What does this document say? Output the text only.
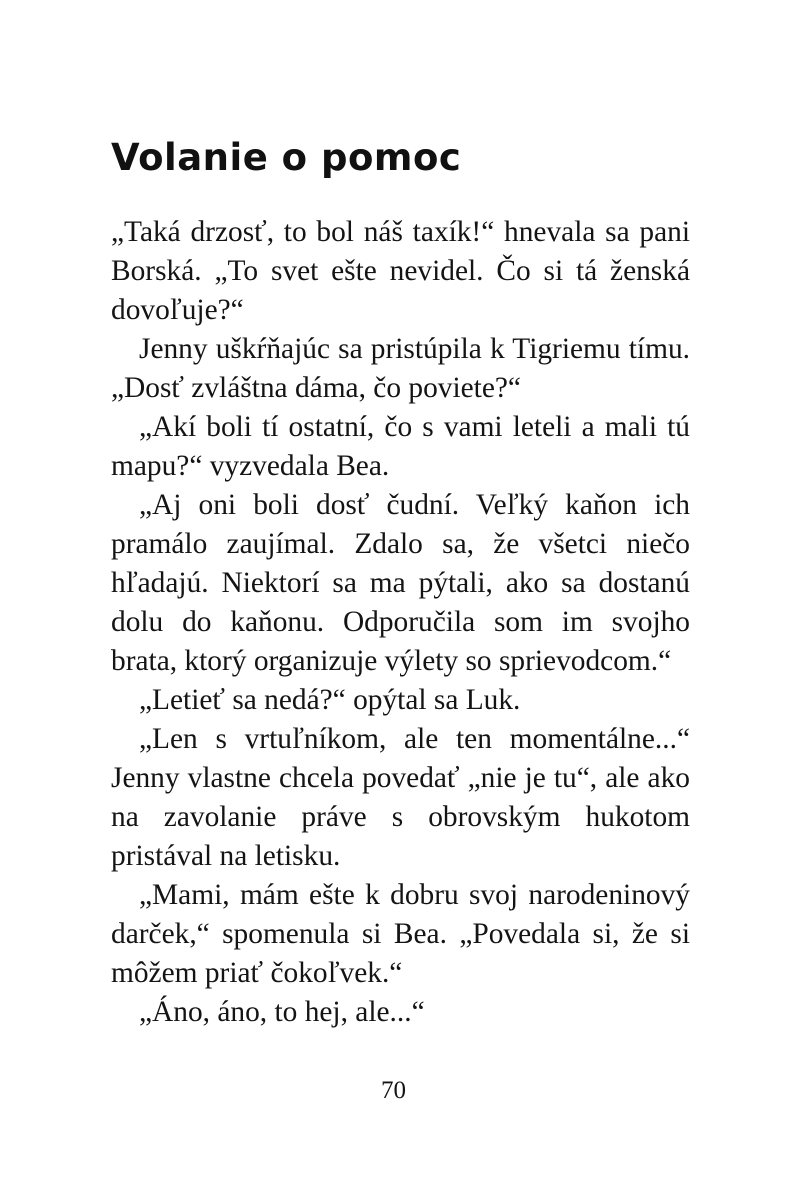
Volanie o pomoc

„Taká drzosť, to bol náš taxík!“ hnevala sa pani Borská. „To svet ešte nevidel. Čo si tá ženská dovoľuje?“

Jenny uškŕňajúc sa pristúpila k Tigriemu tímu. „Dosť zvláštna dáma, čo poviete?“

„Akí boli tí ostatní, čo s vami leteli a mali tú mapu?“ vyzvedala Bea.

„Aj oni boli dosť čudní. Veľký kaňon ich pramálo zaujímal. Zdalo sa, že všetci niečo hľadajú. Niektorí sa ma pýtali, ako sa dostanú dolu do kaňonu. Odporučila som im svojho brata, ktorý organizuje výlety so sprievodcom.“

„Letieť sa nedá?“ opýtal sa Luk.

„Len s vrtuľníkom, ale ten momentálne...“ Jenny vlastne chcela povedať „nie je tu“, ale ako na zavolanie práve s obrovským hukotom pristával na letisku.

„Mami, mám ešte k dobru svoj narodeninový darček,“ spomenula si Bea. „Povedala si, že si môžem priať čokoľvek.“

„Áno, áno, to hej, ale...“

70
